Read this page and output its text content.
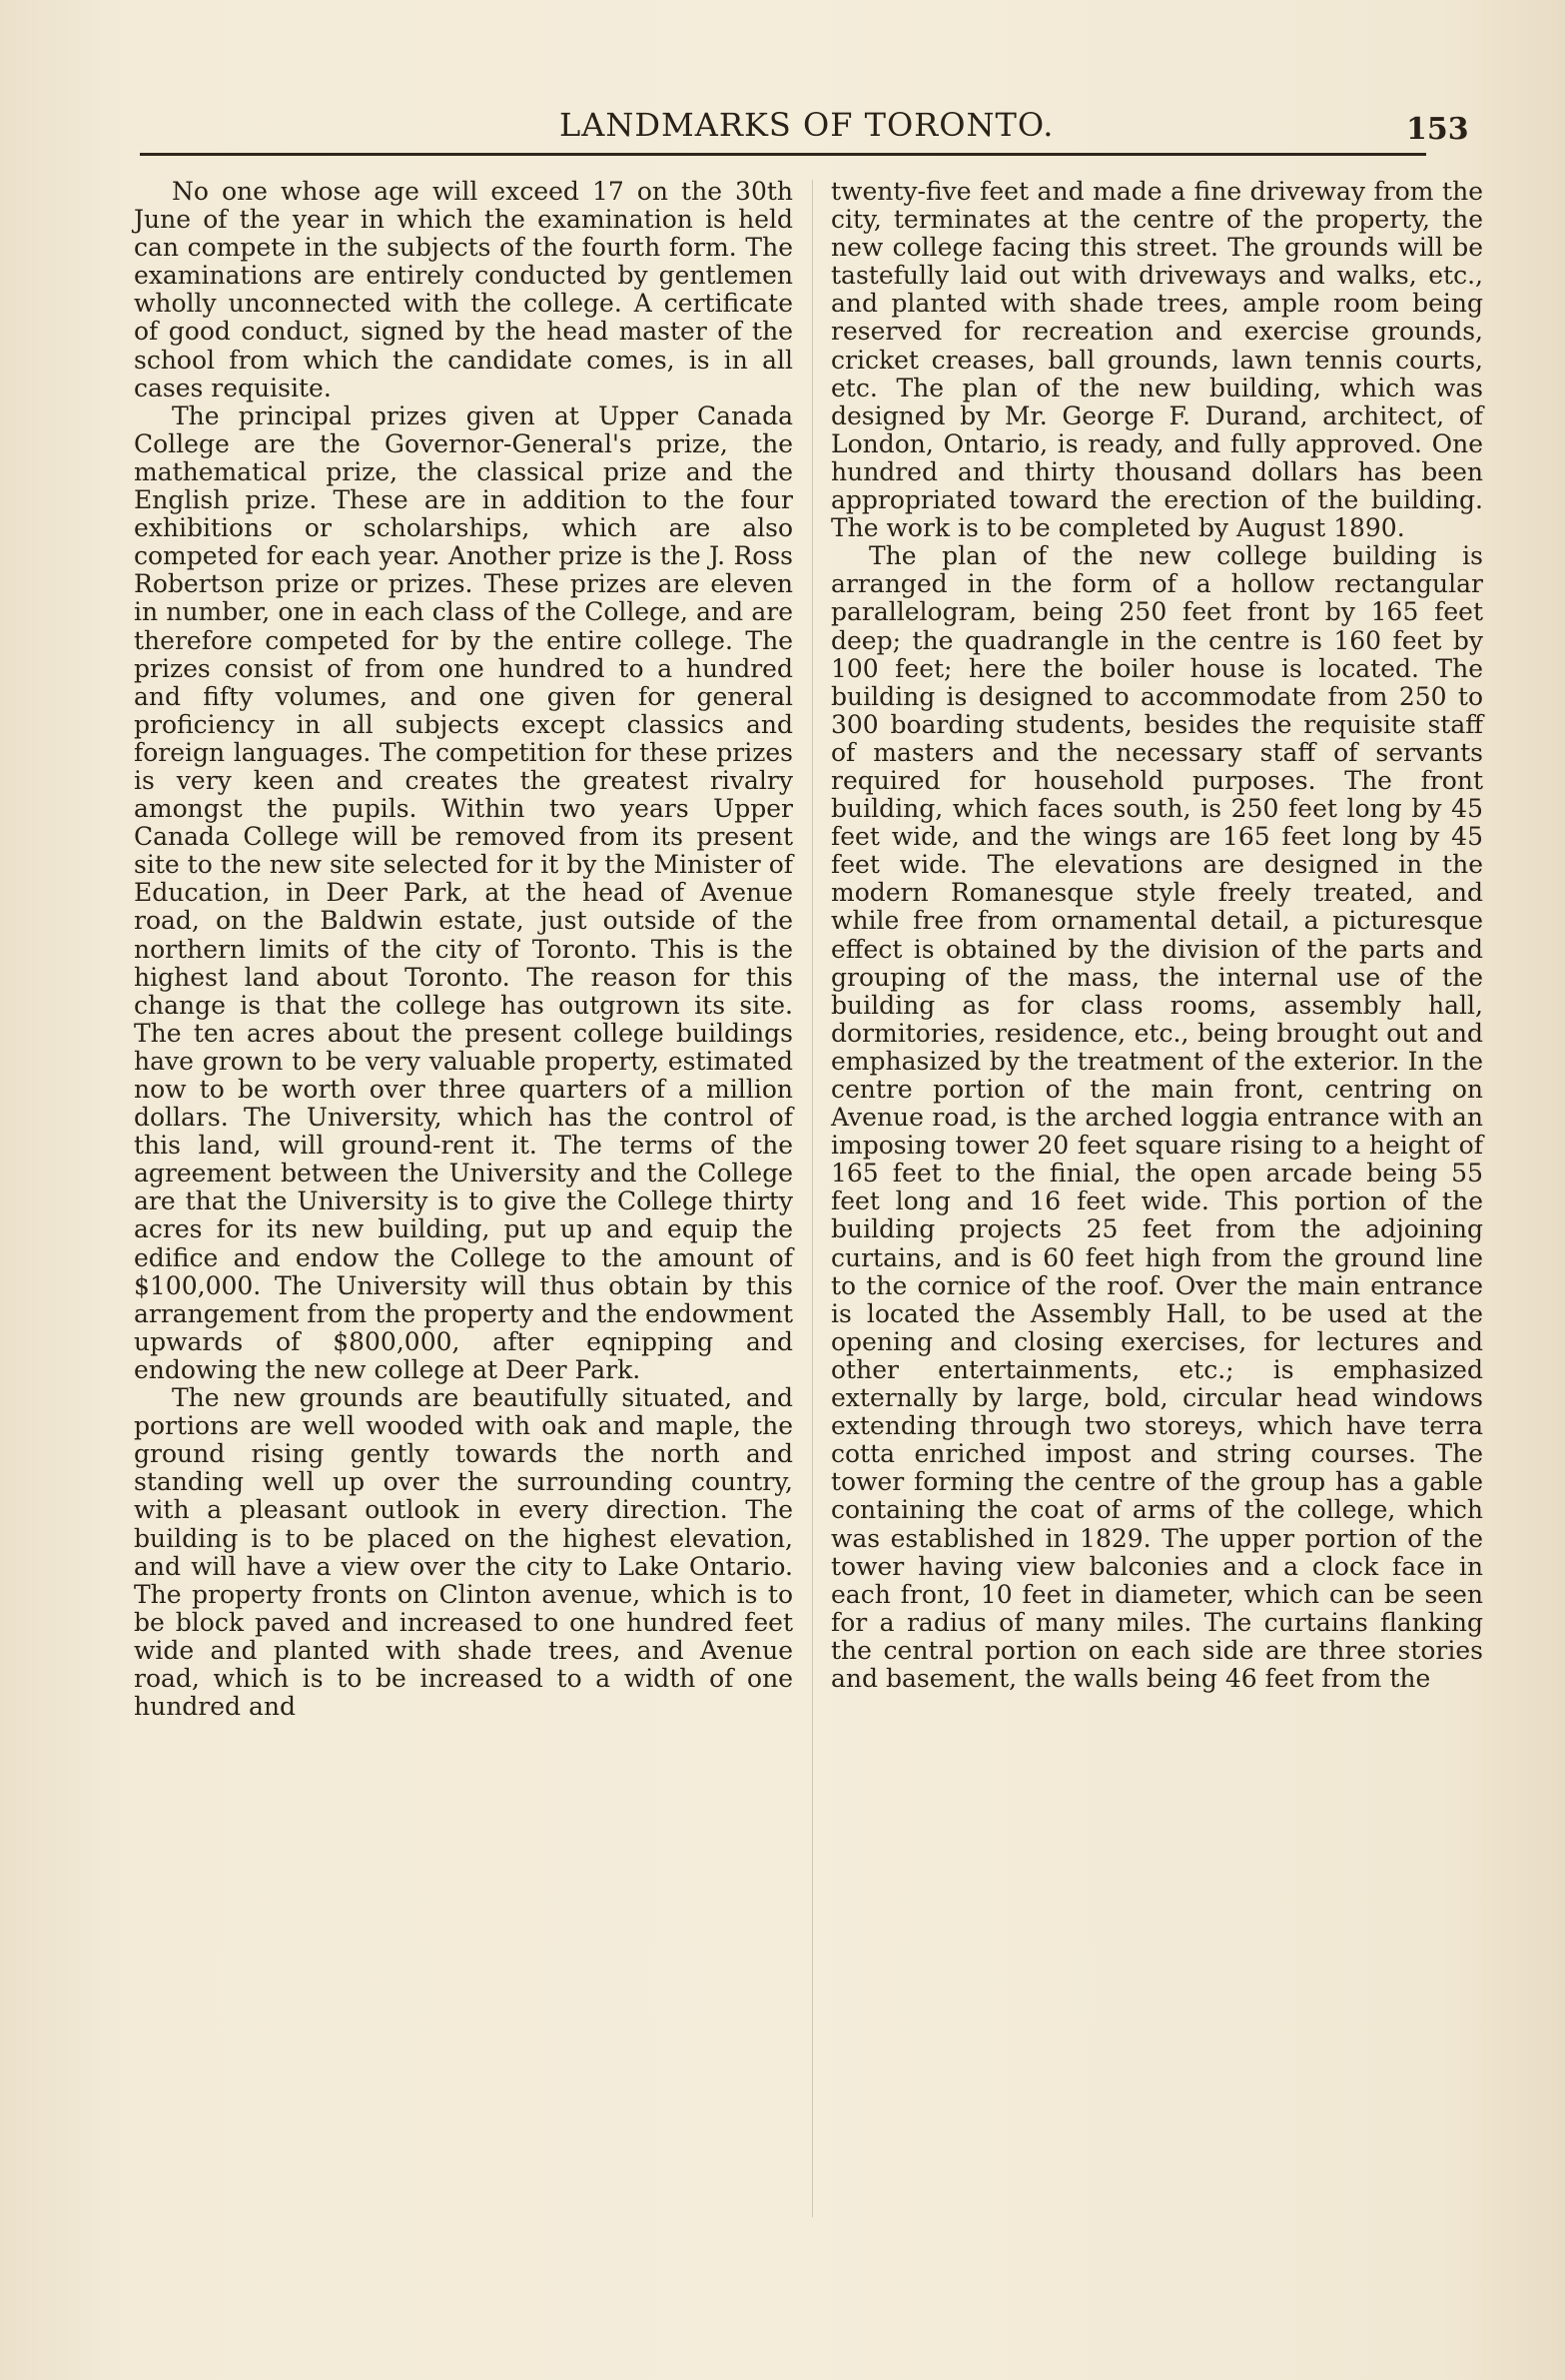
LANDMARKS OF TORONTO.	153

No one whose age will exceed 17 on the 30th June of the year in which the examination is held can compete in the subjects of the fourth form. The examinations are entirely conducted by gentlemen wholly unconnected with the college. A certificate of good conduct, signed by the head master of the school from which the candidate comes, is in all cases requisite.

The principal prizes given at Upper Canada College are the Governor-General's prize, the mathematical prize, the classical prize and the English prize. These are in addition to the four exhibitions or scholarships, which are also competed for each year. Another prize is the J. Ross Robertson prize or prizes. These prizes are eleven in number, one in each class of the College, and are therefore competed for by the entire college. The prizes consist of from one hundred to a hundred and fifty volumes, and one given for general proficiency in all subjects except classics and foreign languages. The competition for these prizes is very keen and creates the greatest rivalry amongst the pupils. Within two years Upper Canada College will be removed from its present site to the new site selected for it by the Minister of Education, in Deer Park, at the head of Avenue road, on the Baldwin estate, just outside of the northern limits of the city of Toronto. This is the highest land about Toronto. The reason for this change is that the college has outgrown its site. The ten acres about the present college buildings have grown to be very valuable property, estimated now to be worth over three quarters of a million dollars. The University, which has the control of this land, will ground-rent it. The terms of the agreement between the University and the College are that the University is to give the College thirty acres for its new building, put up and equip the edifice and endow the College to the amount of $100,000. The University will thus obtain by this arrangement from the property and the endowment upwards of $800,000, after eqnipping and endowing the new college at Deer Park.

The new grounds are beautifully situated, and portions are well wooded with oak and maple, the ground rising gently towards the north and standing well up over the surrounding country, with a pleasant outlook in every direction. The building is to be placed on the highest elevation, and will have a view over the city to Lake Ontario. The property fronts on Clinton avenue, which is to be block paved and increased to one hundred feet wide and planted with shade trees, and Avenue road, which is to be increased to a width of one hundred and

twenty-five feet and made a fine driveway from the city, terminates at the centre of the property, the new college facing this street. The grounds will be tastefully laid out with driveways and walks, etc., and planted with shade trees, ample room being reserved for recreation and exercise grounds, cricket creases, ball grounds, lawn tennis courts, etc. The plan of the new building, which was designed by Mr. George F. Durand, architect, of London, Ontario, is ready, and fully approved. One hundred and thirty thousand dollars has been appropriated toward the erection of the building. The work is to be completed by August 1890.

The plan of the new college building is arranged in the form of a hollow rectangular parallelogram, being 250 feet front by 165 feet deep; the quadrangle in the centre is 160 feet by 100 feet; here the boiler house is located. The building is designed to accommodate from 250 to 300 boarding students, besides the requisite staff of masters and the necessary staff of servants required for household purposes. The front building, which faces south, is 250 feet long by 45 feet wide, and the wings are 165 feet long by 45 feet wide. The elevations are designed in the modern Romanesque style freely treated, and while free from ornamental detail, a picturesque effect is obtained by the division of the parts and grouping of the mass, the internal use of the building as for class rooms, assembly hall, dormitories, residence, etc., being brought out and emphasized by the treatment of the exterior. In the centre portion of the main front, centring on Avenue road, is the arched loggia entrance with an imposing tower 20 feet square rising to a height of 165 feet to the finial, the open arcade being 55 feet long and 16 feet wide. This portion of the building projects 25 feet from the adjoining curtains, and is 60 feet high from the ground line to the cornice of the roof. Over the main entrance is located the Assembly Hall, to be used at the opening and closing exercises, for lectures and other entertainments, etc.; is emphasized externally by large, bold, circular head windows extending through two storeys, which have terra cotta enriched impost and string courses. The tower forming the centre of the group has a gable containing the coat of arms of the college, which was established in 1829. The upper portion of the tower having view balconies and a clock face in each front, 10 feet in diameter, which can be seen for a radius of many miles. The curtains flanking the central portion on each side are three stories and basement, the walls being 46 feet from the
